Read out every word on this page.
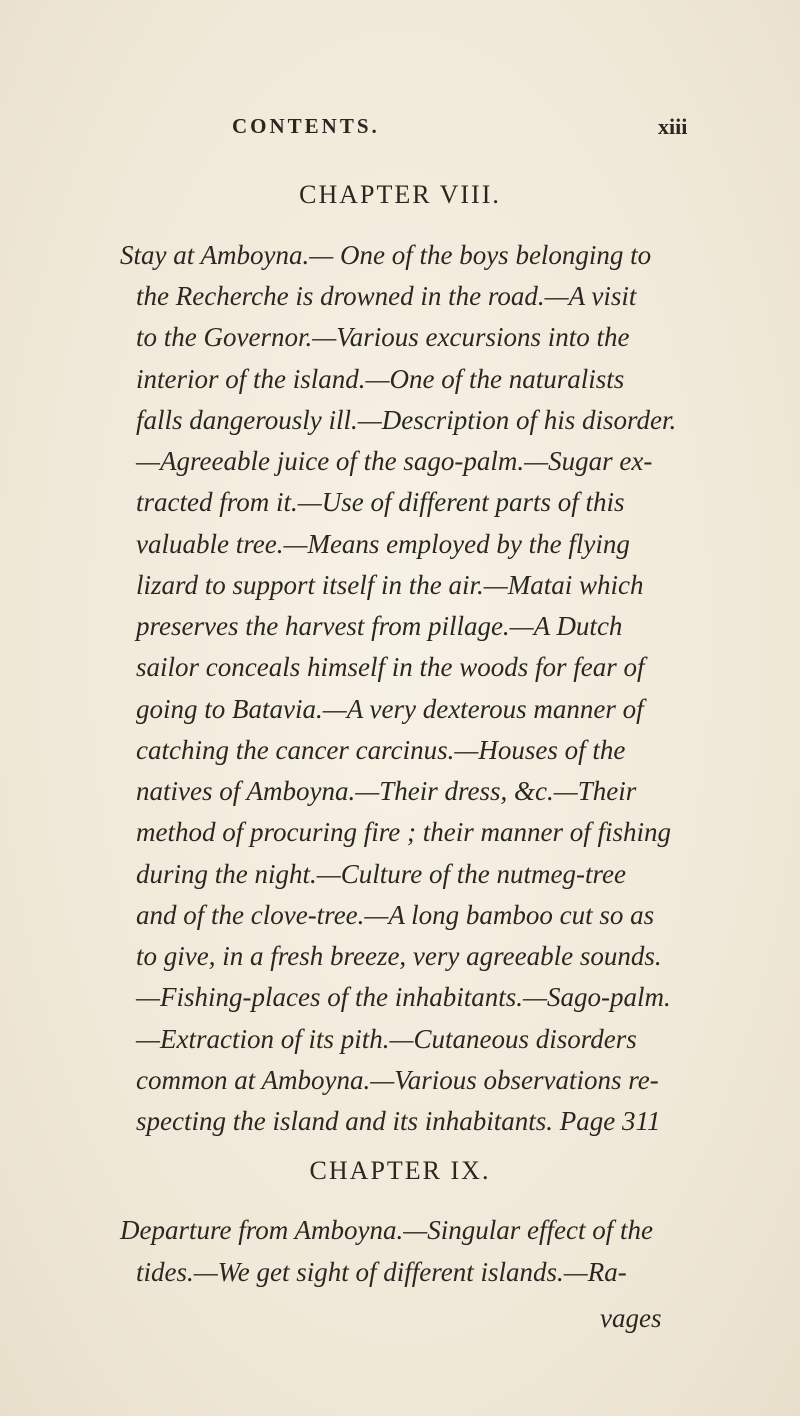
CONTENTS.	xiii
CHAPTER VIII.
Stay at Amboyna.— One of the boys belonging to
the Recherche is drowned in the road.—A visit
to the Governor.—Various excursions into the
interior of the island.—One of the naturalists
falls dangerously ill.—Description of his disorder.
—Agreeable juice of the sago-palm.—Sugar ex-
tracted from it.—Use of different parts of this
valuable tree.—Means employed by the flying
lizard to support itself in the air.—Matai which
preserves the harvest from pillage.—A Dutch
sailor conceals himself in the woods for fear of
going to Batavia.—A very dexterous manner of
catching the cancer carcinus.—Houses of the
natives of Amboyna.—Their dress, &c.—Their
method of procuring fire ; their manner of fishing
during the night.—Culture of the nutmeg-tree
and of the clove-tree.—A long bamboo cut so as
to give, in a fresh breeze, very agreeable sounds.
—Fishing-places of the inhabitants.—Sago-palm.
—Extraction of its pith.—Cutaneous disorders
common at Amboyna.—Various observations re-
specting the island and its inhabitants. Page 311
CHAPTER IX.
Departure from Amboyna.—Singular effect of the
tides.—We get sight of different islands.—Ra-
vages
